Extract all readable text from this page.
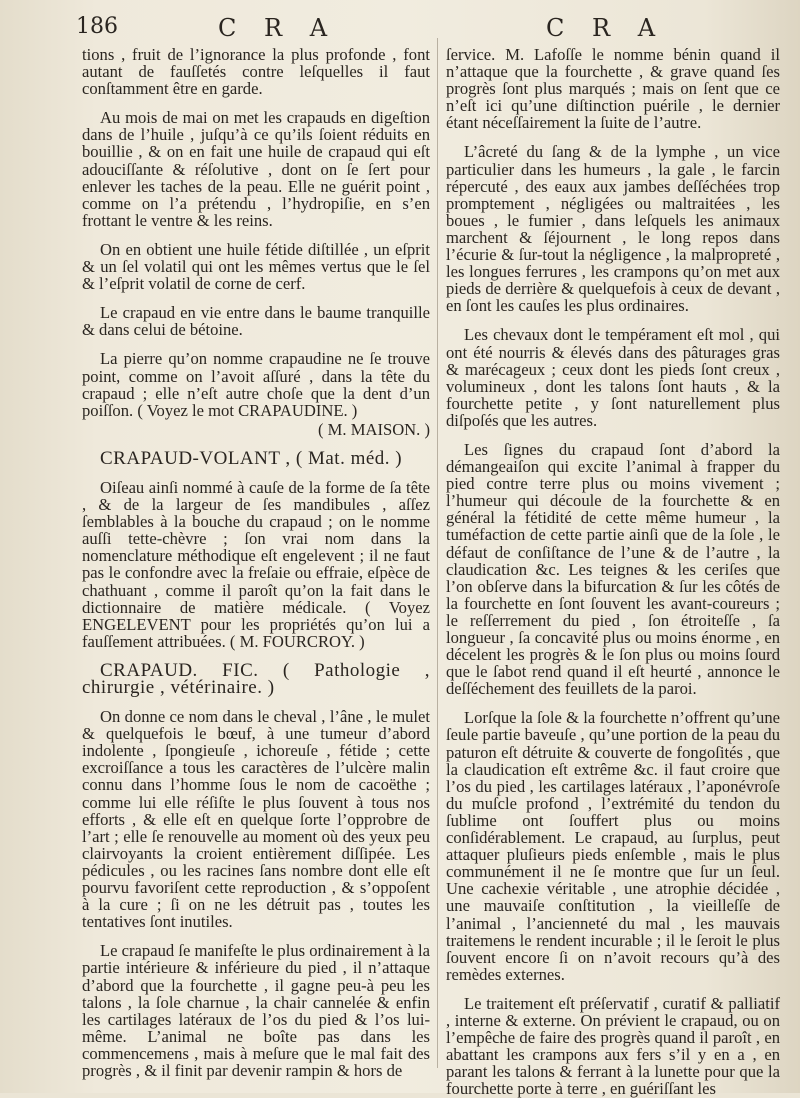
186	C R A	C R A

tions , fruit de l’ignorance la plus profonde , font autant de fauſſetés contre leſquelles il faut conſtamment être en garde.

Au mois de mai on met les crapauds en digeſtion dans de l’huile , juſqu’à ce qu’ils ſoient réduits en bouillie , & on en fait une huile de crapaud qui eſt adouciſſante & réſolutive , dont on ſe ſert pour enlever les taches de la peau. Elle ne guérit point , comme on l’a prétendu , l’hydropiſie, en s’en frottant le ventre & les reins.

On en obtient une huile fétide diſtillée , un eſprit & un ſel volatil qui ont les mêmes vertus que le ſel & l’eſprit volatil de corne de cerf.

Le crapaud en vie entre dans le baume tranquille & dans celui de bétoine.

La pierre qu’on nomme crapaudine ne ſe trouve point, comme on l’avoit aſſuré , dans la tête du crapaud ; elle n’eſt autre choſe que la dent d’un poiſſon. ( Voyez le mot CRAPAUDINE. )

( M. MAISON. )

CRAPAUD-VOLANT , ( Mat. méd. )

Oiſeau ainſi nommé à cauſe de la forme de ſa tête , & de la largeur de ſes mandibules , aſſez ſemblables à la bouche du crapaud ; on le nomme auſſi tette-chèvre ; ſon vrai nom dans la nomenclature méthodique eſt engelevent ; il ne faut pas le confondre avec la freſaie ou effraie, eſpèce de chathuant , comme il paroît qu’on la fait dans le dictionnaire de matière médicale. ( Voyez ENGELEVENT pour les propriétés qu’on lui a fauſſement attribuées. ( M. FOURCROY. )

CRAPAUD. FIC. ( Pathologie , chirurgie , vétérinaire. )

On donne ce nom dans le cheval , l’âne , le mulet & quelquefois le bœuf, à une tumeur d’abord indolente , ſpongieuſe , ichoreuſe , fétide ; cette excroiſſance a tous les caractères de l’ulcère malin connu dans l’homme ſous le nom de cacoëthe ; comme lui elle réſiſte le plus ſouvent à tous nos efforts , & elle eſt en quelque ſorte l’opprobre de l’art ; elle ſe renouvelle au moment où des yeux peu clairvoyants la croient entièrement diſſipée. Les pédicules , ou les racines ſans nombre dont elle eſt pourvu favoriſent cette reproduction , & s’oppoſent à la cure ; ſi on ne les détruit pas , toutes les tentatives ſont inutiles.

Le crapaud ſe manifeſte le plus ordinairement à la partie intérieure & inférieure du pied , il n’attaque d’abord que la fourchette , il gagne peu-à peu les talons , la ſole charnue , la chair cannelée & enfin les cartilages latéraux de l’os du pied & l’os lui-même. L’animal ne boîte pas dans les commencemens , mais à meſure que le mal fait des progrès , & il finit par devenir rampin & hors de

ſervice. M. Lafoſſe le nomme bénin quand il n’attaque que la fourchette , & grave quand ſes progrès ſont plus marqués ; mais on ſent que ce n’eſt ici qu’une diſtinction puérile , le dernier étant néceſſairement la ſuite de l’autre.

L’âcreté du ſang & de la lymphe , un vice particulier dans les humeurs , la gale , le farcin répercuté , des eaux aux jambes deſſéchées trop promptement , négligées ou maltraitées , les boues , le fumier , dans leſquels les animaux marchent & ſéjournent , le long repos dans l’écurie & ſur-tout la négligence , la malpropreté , les longues ferrures , les crampons qu’on met aux pieds de derrière & quelquefois à ceux de devant , en ſont les cauſes les plus ordinaires.

Les chevaux dont le tempérament eſt mol , qui ont été nourris & élevés dans des pâturages gras & marécageux ; ceux dont les pieds ſont creux , volumineux , dont les talons ſont hauts , & la fourchette petite , y ſont naturellement plus diſpoſés que les autres.

Les ſignes du crapaud ſont d’abord la démangeaiſon qui excite l’animal à frapper du pied contre terre plus ou moins vivement ; l’humeur qui découle de la fourchette & en général la fétidité de cette même humeur , la tuméfaction de cette partie ainſi que de la ſole , le défaut de conſiſtance de l’une & de l’autre , la claudication &c. Les teignes & les ceriſes que l’on obſerve dans la bifurcation & ſur les côtés de la fourchette en ſont ſouvent les avant-coureurs ; le reſſerrement du pied , ſon étroiteſſe , ſa longueur , ſa concavité plus ou moins énorme , en décelent les progrès & le ſon plus ou moins ſourd que le ſabot rend quand il eſt heurté , annonce le deſſéchement des feuillets de la paroi.

Lorſque la ſole & la fourchette n’offrent qu’une ſeule partie baveuſe , qu’une portion de la peau du paturon eſt détruite & couverte de fongoſités , que la claudication eſt extrême &c. il faut croire que l’os du pied , les cartilages latéraux , l’aponévroſe du muſcle profond , l’extrémité du tendon du ſublime ont ſouffert plus ou moins conſidérablement. Le crapaud, au ſurplus, peut attaquer pluſieurs pieds enſemble , mais le plus communément il ne ſe montre que ſur un ſeul. Une cachexie véritable , une atrophie décidée , une mauvaiſe conſtitution , la vieilleſſe de l’animal , l’ancienneté du mal , les mauvais traitemens le rendent incurable ; il le ſeroit le plus ſouvent encore ſi on n’avoit recours qu’à des remèdes externes.

Le traitement eſt préſervatif , curatif & palliatif , interne & externe. On prévient le crapaud, ou on l’empêche de faire des progrès quand il paroît , en abattant les crampons aux fers s’il y en a , en parant les talons & ferrant à la lunette pour que la fourchette porte à terre , en guériſſant les
